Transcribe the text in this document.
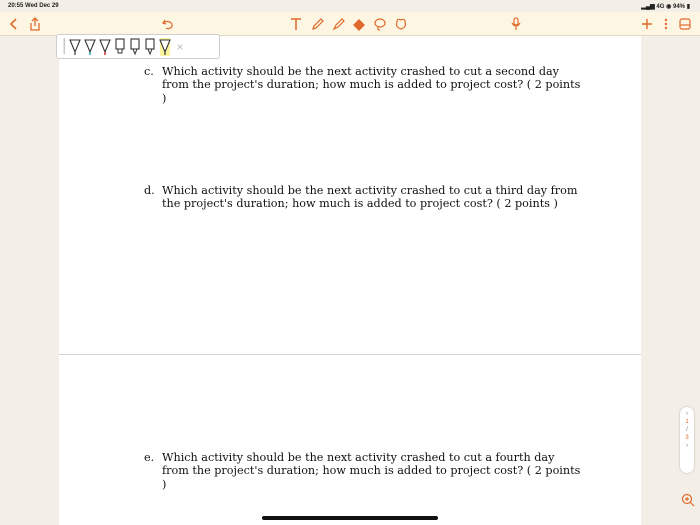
20:55 Wed Dec 29	▂▄▆ 4G ◉ 94% ▮
×
c. Which activity should be the next activity crashed to cut a second day from the project's duration; how much is added to project cost? ( 2 points )
d. Which activity should be the next activity crashed to cut a third day from the project's duration; how much is added to project cost? ( 2 points )
e. Which activity should be the next activity crashed to cut a fourth day from the project's duration; how much is added to project cost? ( 2 points )
‹
1
/
3
›
